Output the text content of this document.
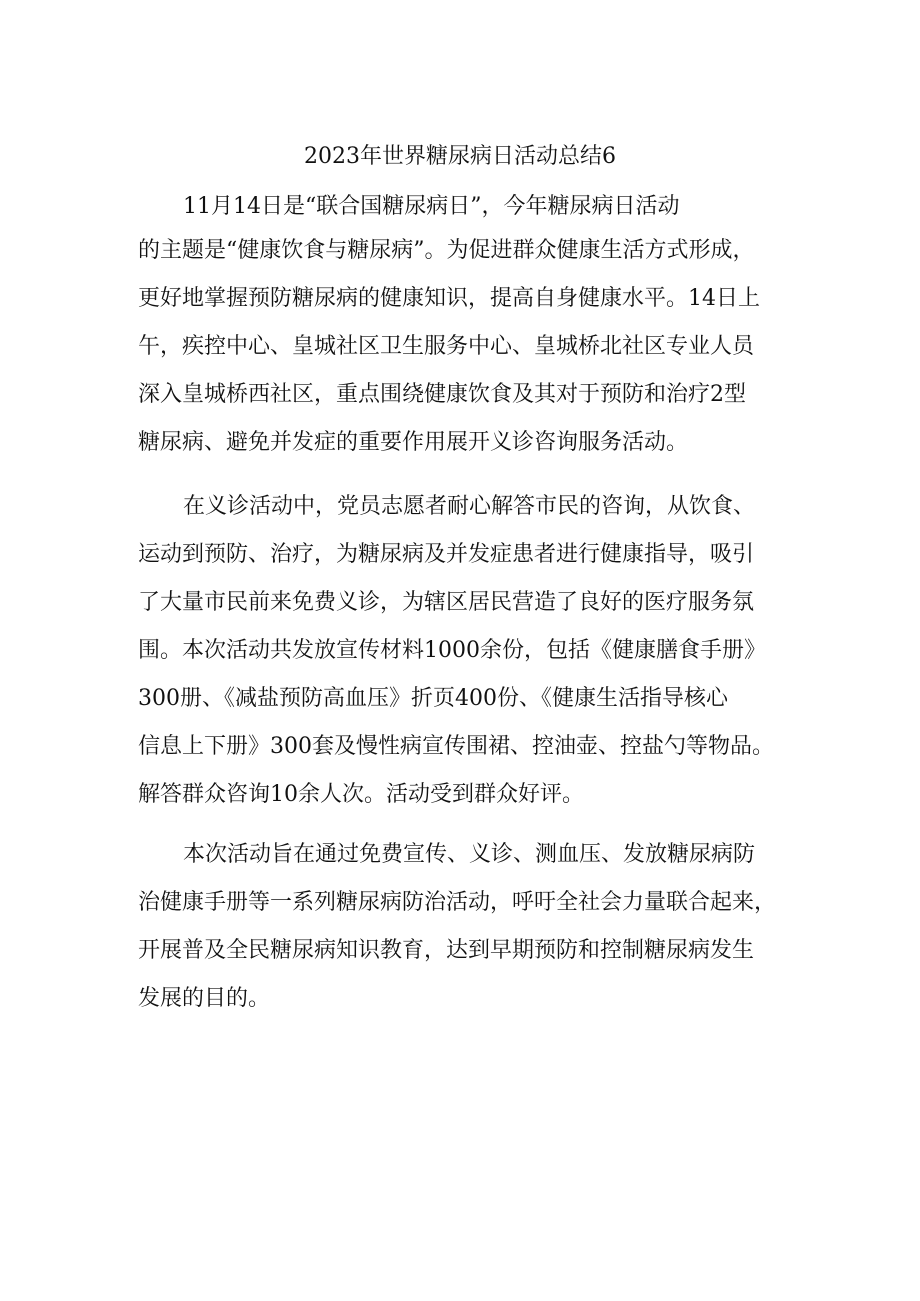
2023年世界糖尿病日活动总结6

11月14日是“联合国糖尿病日”，今年糖尿病日活动

的主题是“健康饮食与糖尿病”。为促进群众健康生活方式形成，

更好地掌握预防糖尿病的健康知识，提高自身健康水平。14日上

午，疾控中心、皇城社区卫生服务中心、皇城桥北社区专业人员

深入皇城桥西社区，重点围绕健康饮食及其对于预防和治疗2型

糖尿病、避免并发症的重要作用展开义诊咨询服务活动。

在义诊活动中，党员志愿者耐心解答市民的咨询，从饮食、

运动到预防、治疗，为糖尿病及并发症患者进行健康指导，吸引

了大量市民前来免费义诊，为辖区居民营造了良好的医疗服务氛

围。本次活动共发放宣传材料1000余份，包括《健康膳食手册》

300册、《减盐预防高血压》折页400份、《健康生活指导核心

信息上下册》300套及慢性病宣传围裙、控油壶、控盐勺等物品。

解答群众咨询10余人次。活动受到群众好评。

本次活动旨在通过免费宣传、义诊、测血压、发放糖尿病防

治健康手册等一系列糖尿病防治活动，呼吁全社会力量联合起来，

开展普及全民糖尿病知识教育，达到早期预防和控制糖尿病发生

发展的目的。
